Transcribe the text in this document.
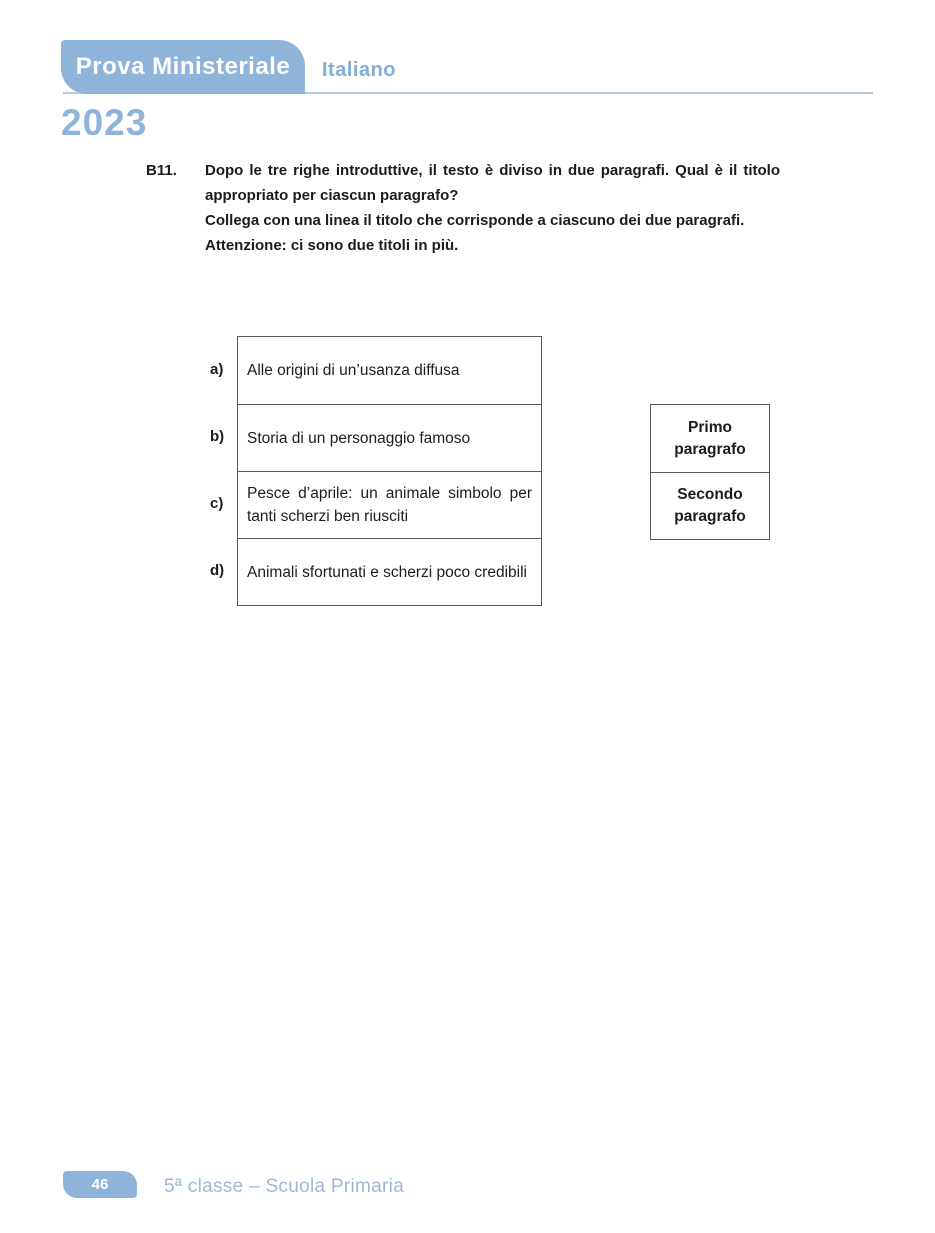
Prova Ministeriale Italiano
2023
B11. Dopo le tre righe introduttive, il testo è diviso in due paragrafi. Qual è il titolo appropriato per ciascun paragrafo?

Collega con una linea il titolo che corrisponde a ciascuno dei due paragrafi.

Attenzione: ci sono due titoli in più.

a)
b)
c)
d)
Alle origini di un’usanza diffusa
Storia di un personaggio famoso
Pesce d’aprile: un animale simbolo per tanti scherzi ben riusciti
Animali sfortunati e scherzi poco credibili
Primo paragrafo
Secondo paragrafo
46	5ª classe – Scuola Primaria
